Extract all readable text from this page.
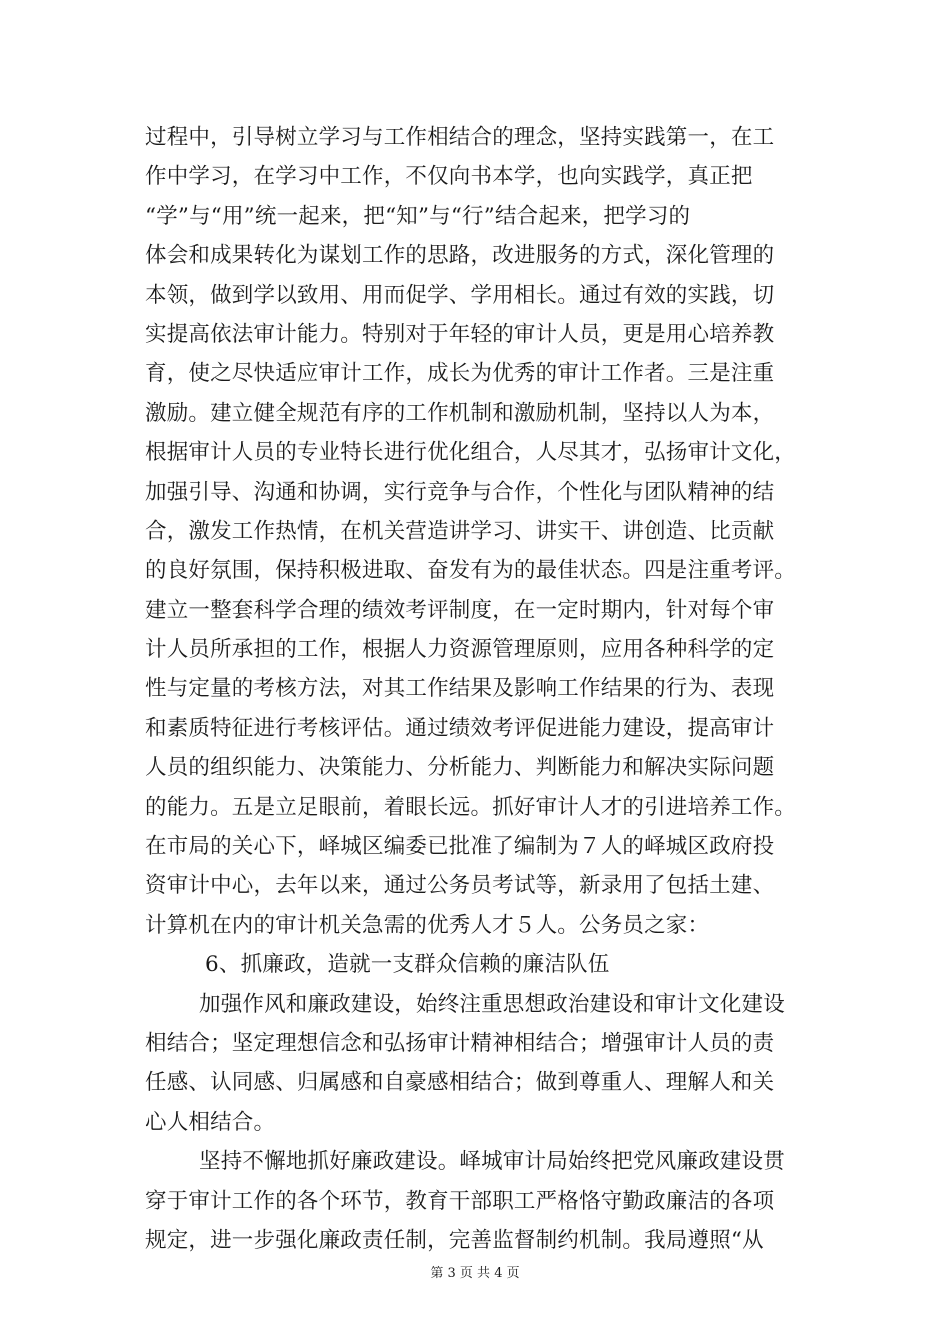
过程中，引导树立学习与工作相结合的理念，坚持实践第一，在工
作中学习，在学习中工作，不仅向书本学，也向实践学，真正把
“学”与“用”统一起来，把“知”与“行”结合起来，把学习的
体会和成果转化为谋划工作的思路，改进服务的方式，深化管理的
本领，做到学以致用、用而促学、学用相长。通过有效的实践，切
实提高依法审计能力。特别对于年轻的审计人员，更是用心培养教
育，使之尽快适应审计工作，成长为优秀的审计工作者。三是注重
激励。建立健全规范有序的工作机制和激励机制，坚持以人为本，
根据审计人员的专业特长进行优化组合，人尽其才，弘扬审计文化，
加强引导、沟通和协调，实行竞争与合作，个性化与团队精神的结
合，激发工作热情，在机关营造讲学习、讲实干、讲创造、比贡献
的良好氛围，保持积极进取、奋发有为的最佳状态。四是注重考评。
建立一整套科学合理的绩效考评制度，在一定时期内，针对每个审
计人员所承担的工作，根据人力资源管理原则，应用各种科学的定
性与定量的考核方法，对其工作结果及影响工作结果的行为、表现
和素质特征进行考核评估。通过绩效考评促进能力建设，提高审计
人员的组织能力、决策能力、分析能力、判断能力和解决实际问题
的能力。五是立足眼前，着眼长远。抓好审计人才的引进培养工作。
在市局的关心下，峄城区编委已批准了编制为７人的峄城区政府投
资审计中心，去年以来，通过公务员考试等，新录用了包括土建、
计算机在内的审计机关急需的优秀人才５人。公务员之家：
6、抓廉政，造就一支群众信赖的廉洁队伍
加强作风和廉政建设，始终注重思想政治建设和审计文化建设
相结合；坚定理想信念和弘扬审计精神相结合；增强审计人员的责
任感、认同感、归属感和自豪感相结合；做到尊重人、理解人和关
心人相结合。
坚持不懈地抓好廉政建设。峄城审计局始终把党风廉政建设贯
穿于审计工作的各个环节，教育干部职工严格恪守勤政廉洁的各项
规定，进一步强化廉政责任制，完善监督制约机制。我局遵照“从
第 3 页 共 4 页
